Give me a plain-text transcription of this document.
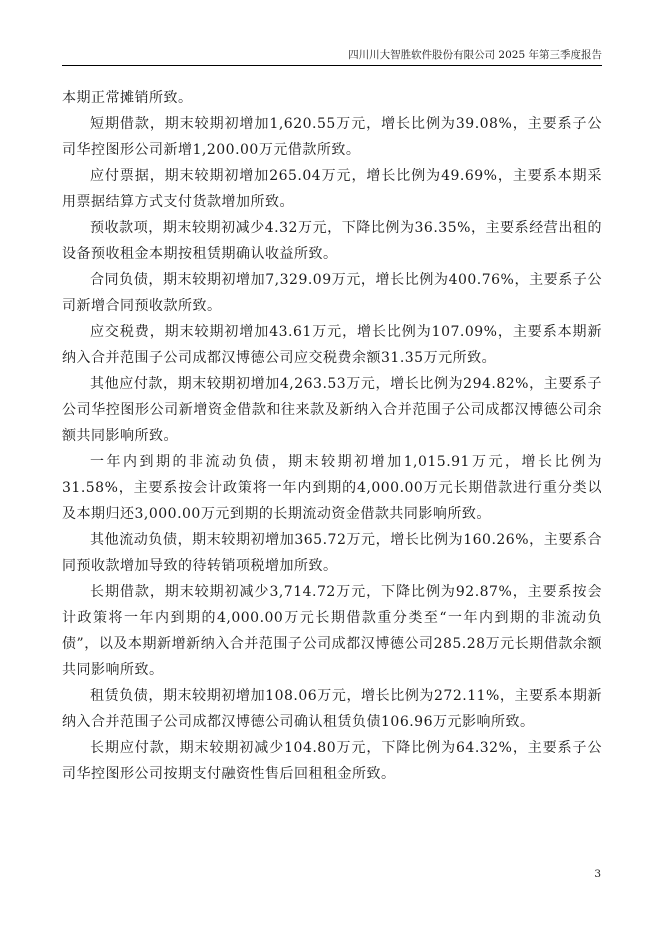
四川川大智胜软件股份有限公司 2025 年第三季度报告

本期正常摊销所致。

短期借款，期末较期初增加1,620.55万元，增长比例为39.08%，主要系子公司华控图形公司新增1,200.00万元借款所致。

应付票据，期末较期初增加265.04万元，增长比例为49.69%，主要系本期采用票据结算方式支付货款增加所致。

预收款项，期末较期初减少4.32万元，下降比例为36.35%，主要系经营出租的设备预收租金本期按租赁期确认收益所致。

合同负债，期末较期初增加7,329.09万元，增长比例为400.76%，主要系子公司新增合同预收款所致。

应交税费，期末较期初增加43.61万元，增长比例为107.09%，主要系本期新纳入合并范围子公司成都汉博德公司应交税费余额31.35万元所致。

其他应付款，期末较期初增加4,263.53万元，增长比例为294.82%，主要系子公司华控图形公司新增资金借款和往来款及新纳入合并范围子公司成都汉博德公司余额共同影响所致。

一年内到期的非流动负债，期末较期初增加1,015.91万元，增长比例为31.58%，主要系按会计政策将一年内到期的4,000.00万元长期借款进行重分类以及本期归还3,000.00万元到期的长期流动资金借款共同影响所致。

其他流动负债，期末较期初增加365.72万元，增长比例为160.26%，主要系合同预收款增加导致的待转销项税增加所致。

长期借款，期末较期初减少3,714.72万元，下降比例为92.87%，主要系按会计政策将一年内到期的4,000.00万元长期借款重分类至“一年内到期的非流动负债”，以及本期新增新纳入合并范围子公司成都汉博德公司285.28万元长期借款余额共同影响所致。

租赁负债，期末较期初增加108.06万元，增长比例为272.11%，主要系本期新纳入合并范围子公司成都汉博德公司确认租赁负债106.96万元影响所致。

长期应付款，期末较期初减少104.80万元，下降比例为64.32%，主要系子公司华控图形公司按期支付融资性售后回租租金所致。

3
